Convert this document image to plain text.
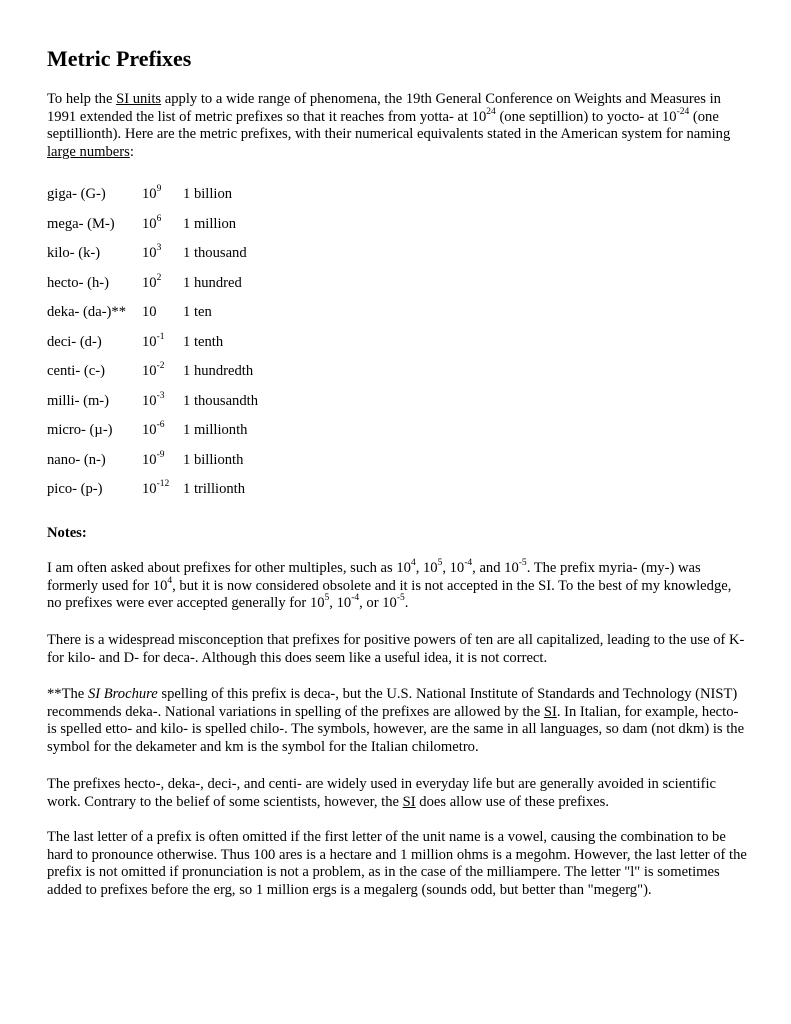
Metric Prefixes

To help the SI units apply to a wide range of phenomena, the 19th General Conference on Weights and Measures in 1991 extended the list of metric prefixes so that it reaches from yotta- at $10^{24}$ (one septillion) to yocto- at $10^{-24}$ (one septillionth). Here are the metric prefixes, with their numerical equivalents stated in the American system for naming large numbers:

giga- (G-) $10^9$ 1 billion
mega- (M-) $10^6$ 1 million
kilo- (k-)	$10^3$ 1 thousand
hecto- (h-) $10^2$ 1 hundred
deka- (da-)** 10 1 ten
deci- (d-)	$10^{-1}$ 1 tenth
centi- (c-)	$10^{-2}$ 1 hundredth
milli- (m-) $10^{-3}$ 1 thousandth
micro- (µ-) $10^{-6}$ 1 millionth
nano- (n-) $10^{-9}$ 1 billionth
pico- (p-)	$10^{-12}$ 1 trillionth

Notes:

I am often asked about prefixes for other multiples, such as $10^4$, $10^5$, $10^{-4}$, and $10^{-5}$. The prefix myria- (my-) was formerly used for $10^4$, but it is now considered obsolete and it is not accepted in the SI. To the best of my knowledge, no prefixes were ever accepted generally for $10^5$, $10^{-4}$, or $10^{-5}$.

There is a widespread misconception that prefixes for positive powers of ten are all capitalized, leading to the use of K- for kilo- and D- for deca-. Although this does seem like a useful idea, it is not correct.

**The SI Brochure spelling of this prefix is deca-, but the U.S. National Institute of Standards and Technology (NIST) recommends deka-. National variations in spelling of the prefixes are allowed by the SI. In Italian, for example, hecto- is spelled etto- and kilo- is spelled chilo-. The symbols, however, are the same in all languages, so dam (not dkm) is the symbol for the dekameter and km is the symbol for the Italian chilometro.

The prefixes hecto-, deka-, deci-, and centi- are widely used in everyday life but are generally avoided in scientific work. Contrary to the belief of some scientists, however, the SI does allow use of these prefixes.

The last letter of a prefix is often omitted if the first letter of the unit name is a vowel, causing the combination to be hard to pronounce otherwise. Thus 100 ares is a hectare and 1 million ohms is a megohm. However, the last letter of the prefix is not omitted if pronunciation is not a problem, as in the case of the milliampere. The letter "l" is sometimes added to prefixes before the erg, so 1 million ergs is a megalerg (sounds odd, but better than "megerg").
